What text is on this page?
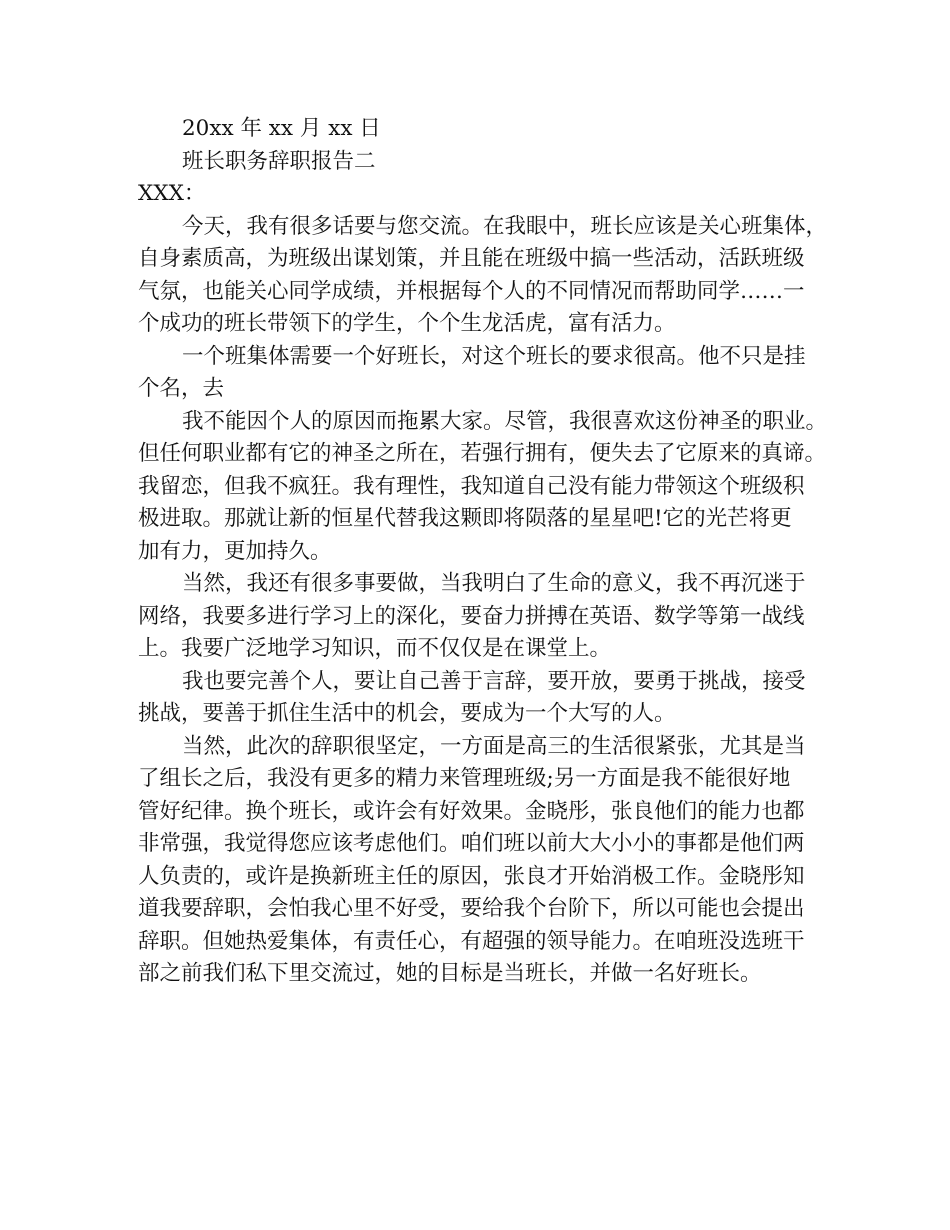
20xx 年 xx 月 xx 日

班长职务辞职报告二

XXX：

今天，我有很多话要与您交流。在我眼中，班长应该是关心班集体，

自身素质高，为班级出谋划策，并且能在班级中搞一些活动，活跃班级

气氛，也能关心同学成绩，并根据每个人的不同情况而帮助同学……一

个成功的班长带领下的学生，个个生龙活虎，富有活力。

一个班集体需要一个好班长，对这个班长的要求很高。他不只是挂

个名，去

我不能因个人的原因而拖累大家。尽管，我很喜欢这份神圣的职业。

但任何职业都有它的神圣之所在，若强行拥有，便失去了它原来的真谛。

我留恋，但我不疯狂。我有理性，我知道自己没有能力带领这个班级积

极进取。那就让新的恒星代替我这颗即将陨落的星星吧!它的光芒将更

加有力，更加持久。

当然，我还有很多事要做，当我明白了生命的意义，我不再沉迷于

网络，我要多进行学习上的深化，要奋力拼搏在英语、数学等第一战线

上。我要广泛地学习知识，而不仅仅是在课堂上。

我也要完善个人，要让自己善于言辞，要开放，要勇于挑战，接受

挑战，要善于抓住生活中的机会，要成为一个大写的人。

当然，此次的辞职很坚定，一方面是高三的生活很紧张，尤其是当

了组长之后，我没有更多的精力来管理班级;另一方面是我不能很好地

管好纪律。换个班长，或许会有好效果。金晓彤，张良他们的能力也都

非常强，我觉得您应该考虑他们。咱们班以前大大小小的事都是他们两

人负责的，或许是换新班主任的原因，张良才开始消极工作。金晓彤知

道我要辞职，会怕我心里不好受，要给我个台阶下，所以可能也会提出

辞职。但她热爱集体，有责任心，有超强的领导能力。在咱班没选班干

部之前我们私下里交流过，她的目标是当班长，并做一名好班长。
